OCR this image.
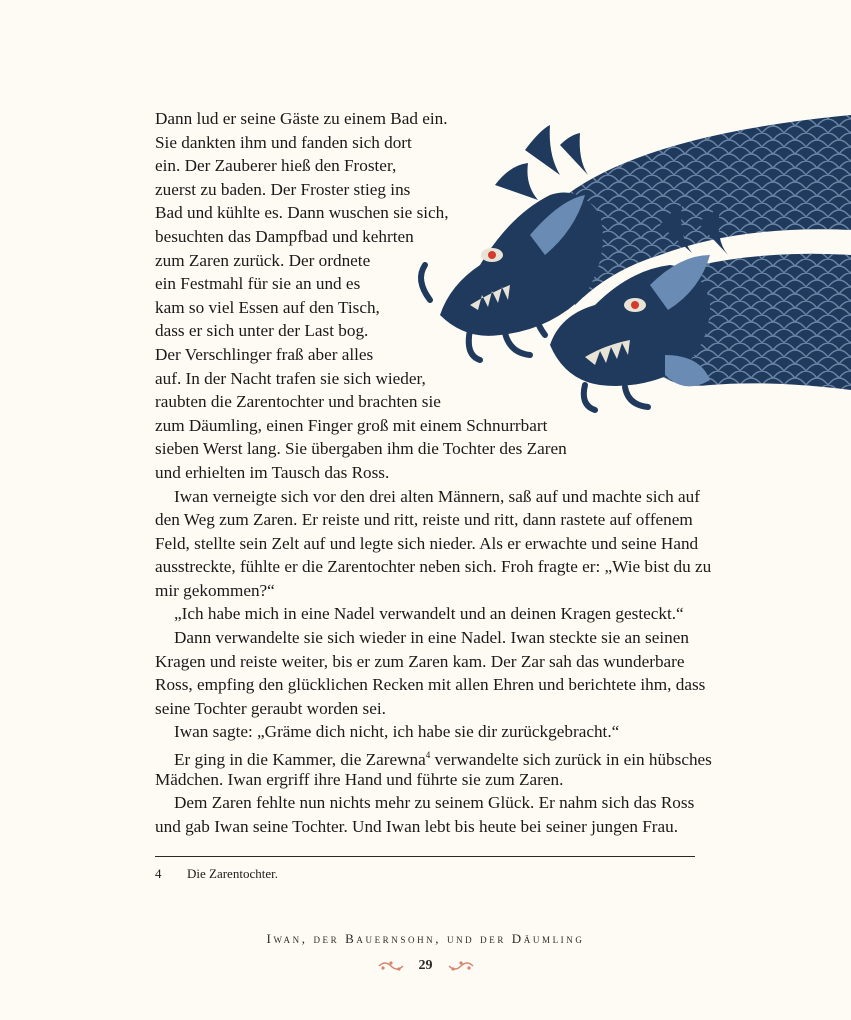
Dann lud er seine Gäste zu einem Bad ein.
Sie dankten ihm und fanden sich dort
ein. Der Zauberer hieß den Froster,
zuerst zu baden. Der Froster stieg ins
Bad und kühlte es. Dann wuschen sie sich,
besuchten das Dampfbad und kehrten
zum Zaren zurück. Der ordnete
ein Festmahl für sie an und es
kam so viel Essen auf den Tisch,
dass er sich unter der Last bog.
Der Verschlinger fraß aber alles
auf. In der Nacht trafen sie sich wieder,
raubten die Zarentochter und brachten sie
zum Däumling, einen Finger groß mit einem Schnurrbart
sieben Werst lang. Sie übergaben ihm die Tochter des Zaren
und erhielten im Tausch das Ross.
Iwan verneigte sich vor den drei alten Männern, saß auf und machte sich auf
den Weg zum Zaren. Er reiste und ritt, reiste und ritt, dann rastete auf offenem
Feld, stellte sein Zelt auf und legte sich nieder. Als er erwachte und seine Hand
ausstreckte, fühlte er die Zarentochter neben sich. Froh fragte er: „Wie bist du zu
mir gekommen?“
„Ich habe mich in eine Nadel verwandelt und an deinen Kragen gesteckt.“
Dann verwandelte sie sich wieder in eine Nadel. Iwan steckte sie an seinen
Kragen und reiste weiter, bis er zum Zaren kam. Der Zar sah das wunderbare
Ross, empfing den glücklichen Recken mit allen Ehren und berichtete ihm, dass
seine Tochter geraubt worden sei.
Iwan sagte: „Gräme dich nicht, ich habe sie dir zurückgebracht.“
Er ging in die Kammer, die Zarewna$^4$ verwandelte sich zurück in ein hübsches
Mädchen. Iwan ergriff ihre Hand und führte sie zum Zaren.
Dem Zaren fehlte nun nichts mehr zu seinem Glück. Er nahm sich das Ross
und gab Iwan seine Tochter. Und Iwan lebt bis heute bei seiner jungen Frau.
4	Die Zarentochter.
Iwan, der Bauernsohn, und der Däumling
29
